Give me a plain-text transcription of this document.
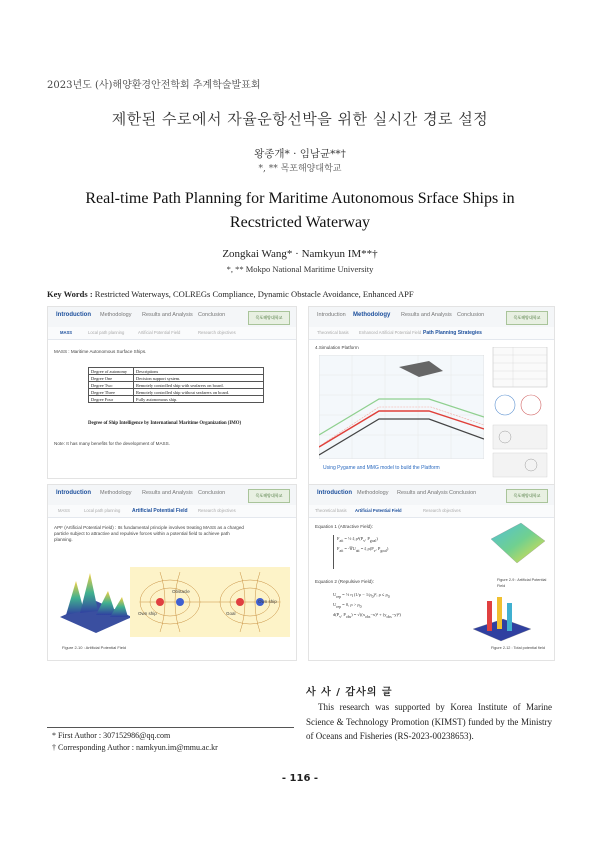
2023년도 (사)해양환경안전학회 추계학술발표회
제한된 수로에서 자율운항선박을 위한 실시간 경로 설정
왕종개* · 임남균**†
*, ** 목포해양대학교
Real-time Path Planning for Maritime Autonomous Srface Ships in Recstricted Waterway
Zongkai Wang* · Namkyun IM**†
*, ** Mokpo National Maritime University
Key Words : Restricted Waterways, COLREGs Compliance, Dynamic Obstacle Avoidance, Enhanced APF
Introduction Methodology Results and Analysis Conclusion	목포해양대학교
MASS	Local path planning	Artificial Potential Field	Research objectives
MASS : Maritime Autonomous Surface Ships.
Degree of autonomy	Descriptions
Degree One	Decision support system.
Degree Two	Remotely controlled ship with seafarers on board.
Degree Three	Remotely controlled ship without seafarers on board.
Degree Four	Fully autonomous ship.
Degree of Ship Intelligence by International Maritime Organization (IMO)
Note: It has many benefits for the development of MASS.
Introduction Methodology Results and Analysis Conclusion	목포해양대학교
Theoretical basis Enhanced Artificial Potential Field Path Planning Strategies
4.Simulation Platform
Using Pygame and MMG model to build the Platform
Introduction Methodology Results and Analysis Conclusion	목포해양대학교
MASS	Local path planning Artificial Potential Field Research objectives
APF (Artificial Potential Field) : Its fundamental principle involves treating MASS as a charged particle subject to attractive and repulsive forces within a potential field to achieve path planning.
Figure 2-10 : Artificial Potential Field
Own ship
Obstacle
Goal
Own ship
Introduction Methodology Results and Analysis Conclusion	목포해양대학교
Theoretical basis Artificial Potential Field	Research objectives
Equation 1 (Attractive Field):
$F_{att}$ = ½ ξ $\rho^2(P_v$, $P_{goal}$)
$F_{att} = -\nabla U_{att} = \xi$ $\rho(P_v$, $P_{goal}$)
Equation 2 (Repulsive Field):
$U_{rep}$ = ½ η $(1/\rho - 1/\rho_0)^2$, $\rho \le \rho_0$
$U_{rep} = 0$, $\rho > \rho_0$
$d(P_v$, $P_{obs}) = √((x_{obs}-x)^2 + (y_{obs}-y)^2)$
Figure 2-9 : Artificial Potential Field
Figure 2-12 : Total potential field
사 사 / 감사의 글
This research was supported by Korea Institute of Marine Science & Technology Promotion (KIMST) funded by the Ministry of Oceans and Fisheries (RS-2023-00238653).
* First Author : 307152986@qq.com
† Corresponding Author : namkyun.im@mmu.ac.kr
- 116 -
